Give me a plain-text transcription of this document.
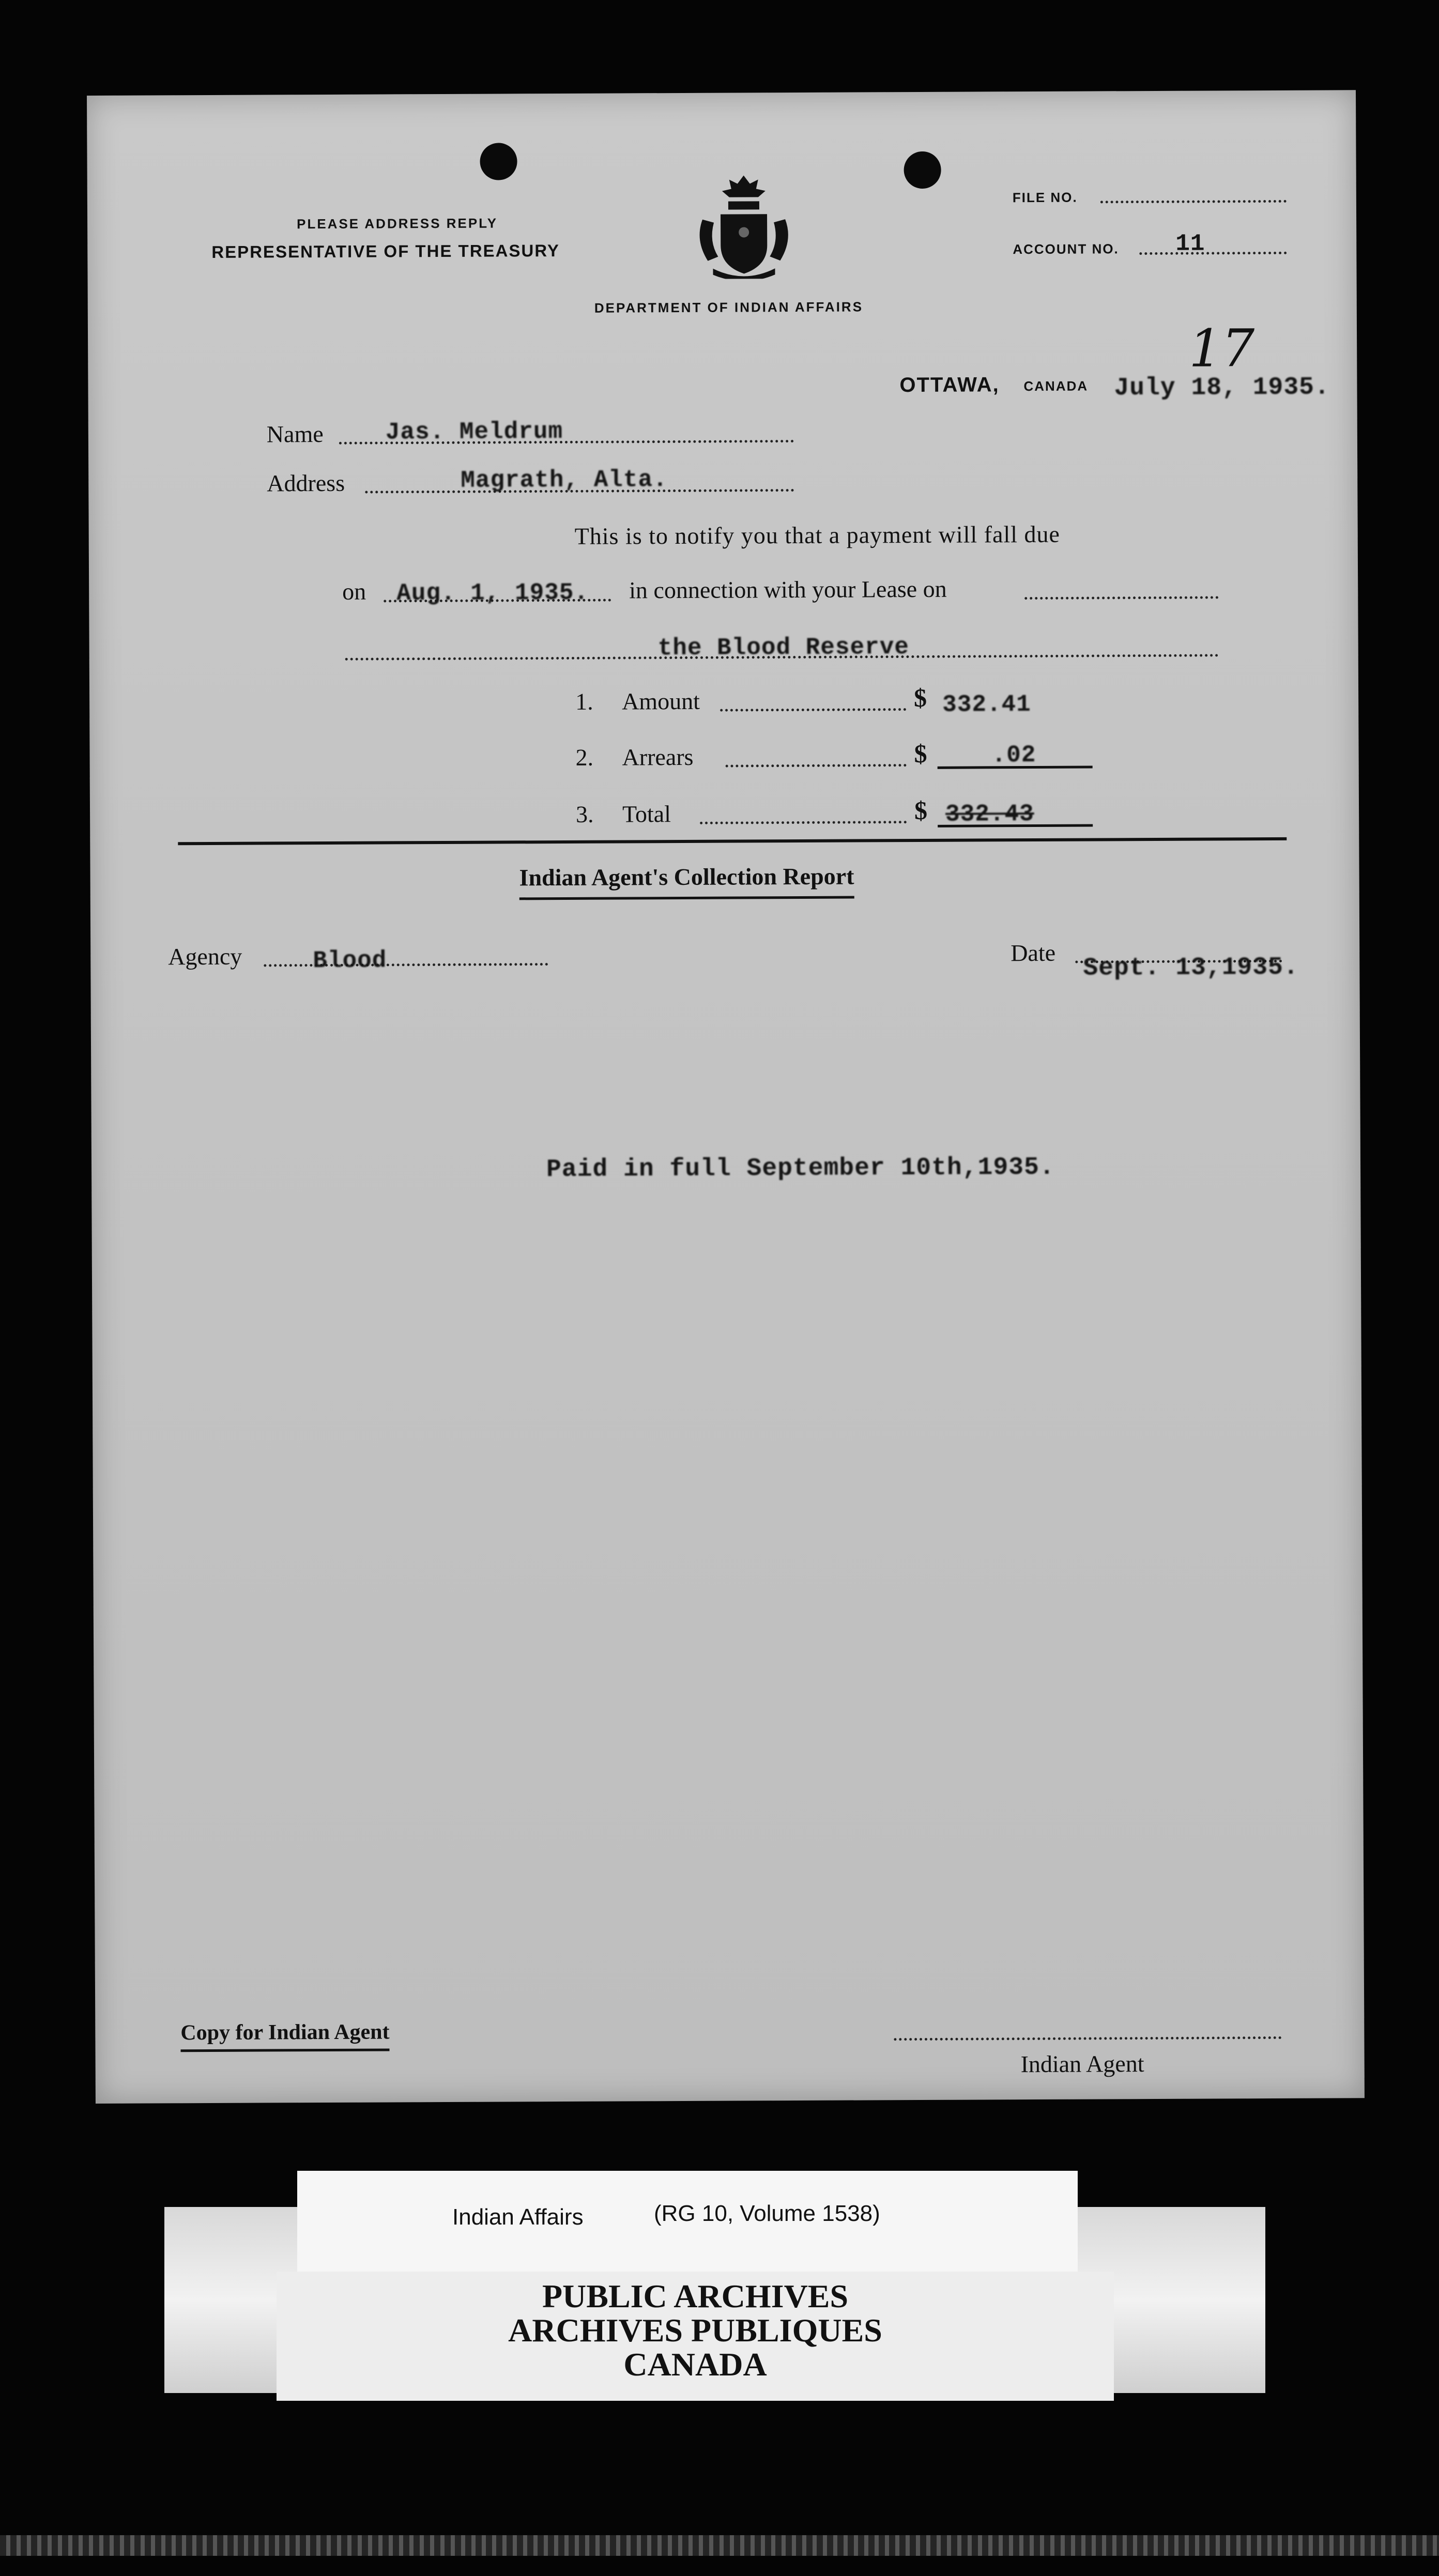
PLEASE ADDRESS REPLY
REPRESENTATIVE OF THE TREASURY
DEPARTMENT OF INDIAN AFFAIRS
FILE NO.
ACCOUNT NO. 11
17
OTTAWA, CANADA July 18, 1935.
Name	Jas. Meldrum
Address	Magrath, Alta.
This is to notify you that a payment will fall due
on Aug. 1, 1935. in connection with your Lease on
the Blood Reserve
1. Amount	$ 332.41
2. Arrears	$	.02
3. Total	$ 332.43
Indian Agent's Collection Report
Agency	Blood	Date
Sept. 13,1935.
Paid in full September 10th,1935.
Copy for Indian Agent
Indian Agent
Indian Affairs	(RG 10, Volume 1538)
PUBLIC ARCHIVES
ARCHIVES PUBLIQUES
CANADA
